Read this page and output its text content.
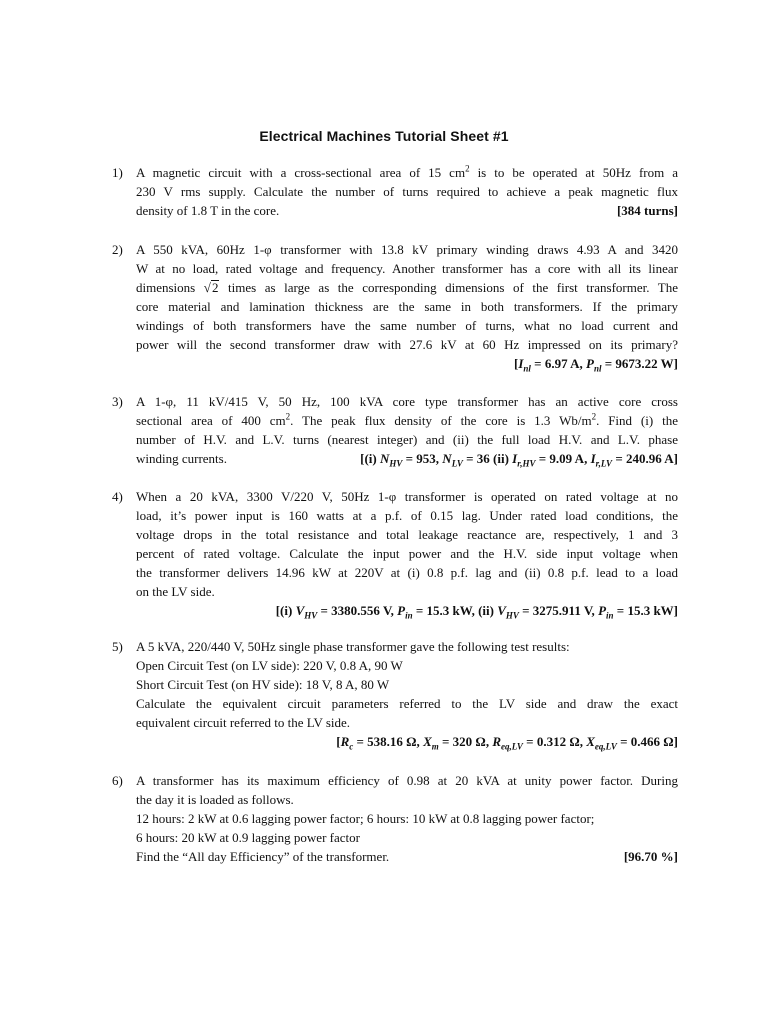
Electrical Machines Tutorial Sheet #1
1)	A magnetic circuit with a cross-sectional area of 15 $cm^2$ is to be operated at 50Hz from a
230 V rms supply. Calculate the number of turns required to achieve a peak magnetic flux
density of 1.8 T in the core.	[384 turns]
2)	A 550 kVA, 60Hz 1-φ transformer with 13.8 kV primary winding draws 4.93 A and 3420
W at no load, rated voltage and frequency. Another transformer has a core with all its linear
dimensions √2 times as large as the corresponding dimensions of the first transformer. The
core material and lamination thickness are the same in both transformers. If the primary
windings of both transformers have the same number of turns, what no load current and
power will the second transformer draw with 27.6 kV at 60 Hz impressed on its primary?
[$I_{nl} = 6.97$ A, $P_{nl} = 9673.22$ W]
3)	A 1-φ, 11 kV/415 V, 50 Hz, 100 kVA core type transformer has an active core cross
sectional area of 400 $cm^2$. The peak flux density of the core is 1.3 $Wb/m^2$. Find (i) the
number of H.V. and L.V. turns (nearest integer) and (ii) the full load H.V. and L.V. phase
winding currents.	[(i) $N_{HV} = 953$, $N_{LV} = 36$ (ii) $I_{r,HV} = 9.09$ A, $I_{r,LV} = 240.96$ A]
4)	When a 20 kVA, 3300 V/220 V, 50Hz 1-φ transformer is operated on rated voltage at no
load, it’s power input is 160 watts at a p.f. of 0.15 lag. Under rated load conditions, the
voltage drops in the total resistance and total leakage reactance are, respectively, 1 and 3
percent of rated voltage. Calculate the input power and the H.V. side input voltage when
the transformer delivers 14.96 kW at 220V at (i) 0.8 p.f. lag and (ii) 0.8 p.f. lead to a load
on the LV side.
[(i) $V_{HV} = 3380.556$ V, $P_{in} = 15.3$ kW, (ii) $V_{HV} = 3275.911$ V, $P_{in} = 15.3$ kW]
5)	A 5 kVA, 220/440 V, 50Hz single phase transformer gave the following test results:
Open Circuit Test (on LV side): 220 V, 0.8 A, 90 W
Short Circuit Test (on HV side): 18 V, 8 A, 80 W
Calculate the equivalent circuit parameters referred to the LV side and draw the exact
equivalent circuit referred to the LV side.
[$R_c = 538.16$ Ω, $X_m = 320$ Ω, $R_{eq,LV} = 0.312$ Ω, $X_{eq,LV} = 0.466$ Ω]
6)	A transformer has its maximum efficiency of 0.98 at 20 kVA at unity power factor. During
the day it is loaded as follows.
12 hours: 2 kW at 0.6 lagging power factor; 6 hours: 10 kW at 0.8 lagging power factor;
6 hours: 20 kW at 0.9 lagging power factor
Find the “All day Efficiency” of the transformer.	[96.70 %]
